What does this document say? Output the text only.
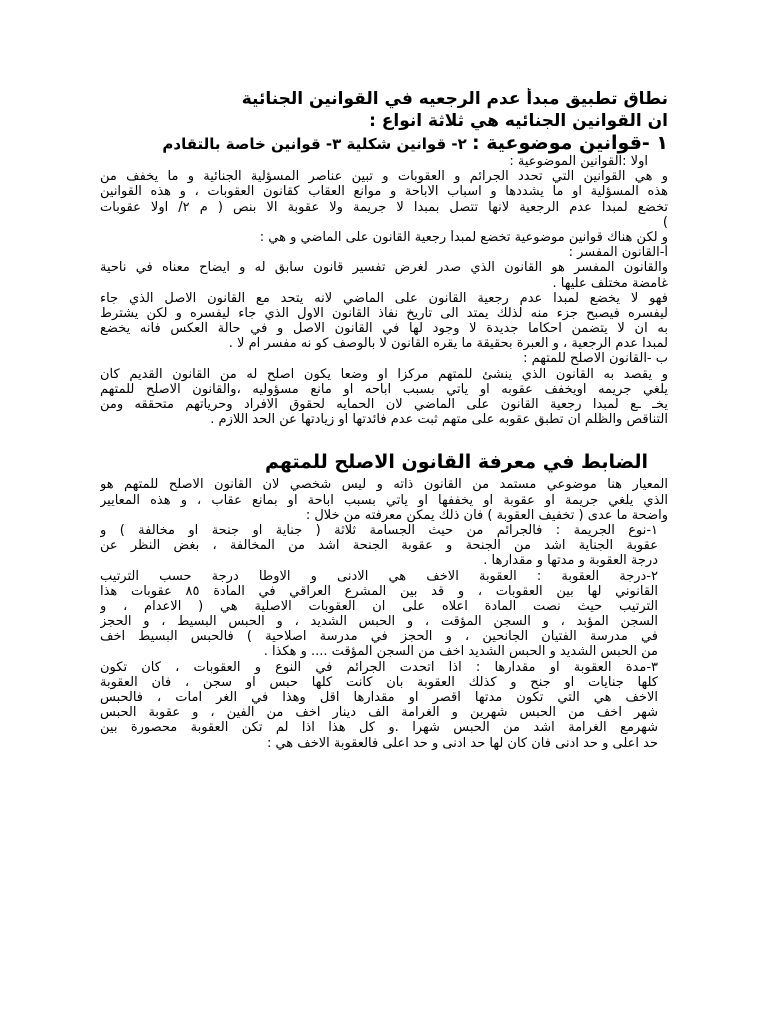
نطاق تطبيق مبدأ عدم الرجعيه في القوانين الجنائية
ان القوانين الجنائيه هي ثلاثة انواع :
١ -قوانين موضوعية : ٢- قوانين شكلية ٣- قوانين خاصة بالتقادم
اولا :القوانين الموضوعية :
و هي القوانين التي تحدد الجرائم و العقوبات و تبين عناصر المسؤلية الجنائية و ما يخفف من
هذه المسؤلية او ما يشددها و اسباب الاباحة و موانع العقاب كقانون العقوبات ، و هذه القوانين
تخضع لمبدا عدم الرجعية لانها تتصل بمبدا لا جريمة ولا عقوبة الا بنص ( م ٢/ اولا عقوبات
)
و لكن هناك قوانين موضوعية تخضع لمبدأ رجعية القانون على الماضي و هي :
أ-القانون المفسر :
والقانون المفسر هو القانون الذي صدر لغرض تفسير قانون سابق له و ايضاح معناه في ناحية
غامضة مختلف عليها .
فهو لا يخضع لمبدا عدم رجعية القانون على الماضي لانه يتحد مع القانون الاصل الذي جاء
ليفسره فيصبح جزء منه لذلك يمتد الى تاريخ نفاذ القانون الاول الذي جاء ليفسره و لكن يشترط
به ان لا يتضمن احكاما جديدة لا وجود لها في القانون الاصل و في حالة العكس فانه يخضع
لمبدا عدم الرجعية ، و العبرة بحقيقة ما يقره القانون لا بالوصف كو نه مفسر ام لا .
ب -القانون الاصلح للمتهم :
و يقصد به القانون الذي ينشئ للمتهم مركزا او وضعا يكون اصلح له من القانون القديم كأن
يلغي جريمه اويخفف عقوبه او ياتي بسبب اباحه او مانع مسؤوليه ،والقانون الاصلح للمتهم
يخـ ـع لمبدا رجعية القانون على الماضي لان الحمايه لحقوق الافراد وحرياتهم متحققه ومن
التناقص والظلم ان تطبق عقوبه على متهم ثبت عدم فائدتها او زيادتها عن الحد اللازم .
الضابط في معرفة القانون الاصلح للمتهم
المعيار هنا موضوعي مستمد من القانون ذاته و ليس شخصي لان القانون الاصلح للمتهم هو
الذي يلغي جريمة او عقوبة او يخففها او ياتي بسبب اباحة او بمانع عقاب ، و هذه المعايير
واضحة ما عدى ( تخفيف العقوبة ) فان ذلك يمكن معرفته من خلال :
١-نوع الجريمة : فالجرائم من حيث الجسامة ثلاثة ( جناية او جنحة او مخالفة ) و
عقوبة الجناية اشد من الجنحة و عقوبة الجنحة اشد من المخالفة ، بغض النظر عن
درجة العقوبة و مدتها و مقدارها .
٢-درجة العقوبة : العقوبة الاخف هي الادنى و الاوطأ درجة حسب الترتيب
القانوني لها بين العقوبات ، و قد بين المشرع العراقي في المادة ٨٥ عقوبات هذا
الترتيب حيث نصت المادة اعلاه على ان العقوبات الاصلية هي ( الاعدام ، و
السجن المؤبد ، و السجن المؤقت ، و الحبس الشديد ، و الحبس البسيط ، و الحجز
في مدرسة الفتيان الجانحين ، و الحجز في مدرسة اصلاحية ) فالحبس البسيط اخف
من الحبس الشديد و الحبس الشديد اخف من السجن المؤقت .... و هكذا .
٣-مدة العقوبة او مقدارها : اذا اتحدت الجرائم في النوع و العقوبات ، كأن تكون
كلها جنايات او جنح و كذلك العقوبة بان كانت كلها حبس او سجن ، فان العقوبة
الاخف هي التي تكون مدتها اقصر او مقدارها اقل وهذا في الغر امات ، فالحبس
شهر اخف من الحبس شهرين و الغرامة الف دينار اخف من الفين ، و عقوبة الحبس
شهرمع الغرامة اشد من الحبس شهرا .و كل هذا اذا لم تكن العقوبة محصورة بين
حد اعلى و حد ادنى فان كان لها حد ادنى و حد اعلى فالعقوبة الاخف هي :
